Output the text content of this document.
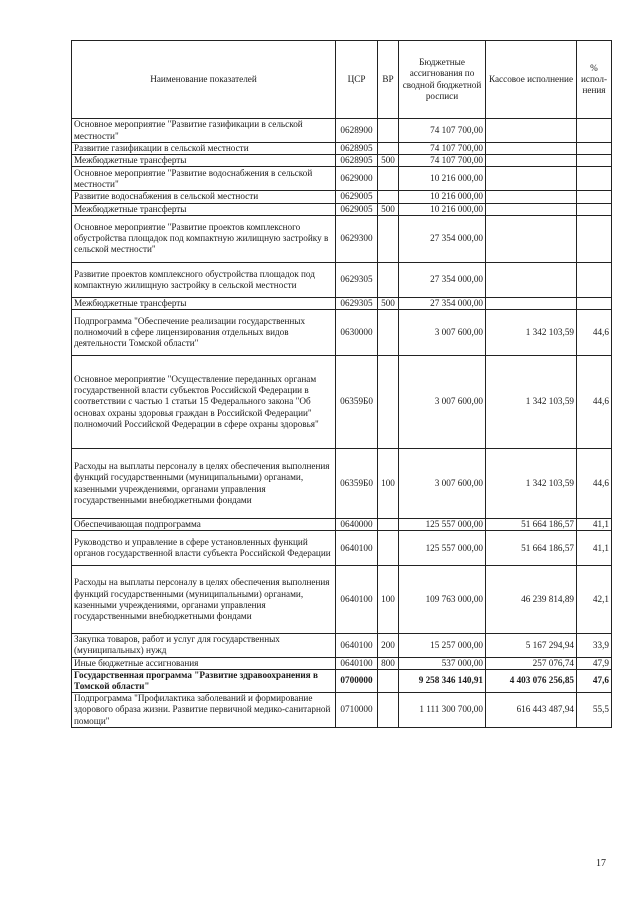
Наименование показателей	ЦСР	ВР	Бюджетные ассигнования по сводной бюджетной росписи	Кассовое исполнение	% испол-нения
Основное мероприятие "Развитие газификации в сельской местности"	0628900		74 107 700,00		
Развитие газификации в сельской местности	0628905		74 107 700,00		
Межбюджетные трансферты	0628905	500	74 107 700,00		
Основное мероприятие "Развитие водоснабжения в сельской местности"	0629000		10 216 000,00		
Развитие водоснабжения в сельской местности	0629005		10 216 000,00		
Межбюджетные трансферты	0629005	500	10 216 000,00		
Основное мероприятие "Развитие проектов комплексного обустройства площадок под компактную жилищную застройку в сельской местности"	0629300		27 354 000,00		
Развитие проектов комплексного обустройства площадок под компактную жилищную застройку в сельской местности	0629305		27 354 000,00		
Межбюджетные трансферты	0629305	500	27 354 000,00		
Подпрограмма "Обеспечение реализации государственных полномочий в сфере лицензирования отдельных видов деятельности Томской области"	0630000		3 007 600,00	1 342 103,59	44,6
Основное мероприятие "Осуществление переданных органам государственной власти субъектов Российской Федерации в соответствии с частью 1 статьи 15 Федерального закона "Об основах охраны здоровья граждан в Российской Федерации" полномочий Российской Федерации в сфере охраны здоровья"	06359Б0		3 007 600,00	1 342 103,59	44,6
Расходы на выплаты персоналу в целях обеспечения выполнения функций государственными (муниципальными) органами, казенными учреждениями, органами управления государственными внебюджетными фондами	06359Б0	100	3 007 600,00	1 342 103,59	44,6
Обеспечивающая подпрограмма	0640000		125 557 000,00	51 664 186,57	41,1
Руководство и управление в сфере установленных функций органов государственной власти субъекта Российской Федерации	0640100		125 557 000,00	51 664 186,57	41,1
Расходы на выплаты персоналу в целях обеспечения выполнения функций государственными (муниципальными) органами, казенными учреждениями, органами управления государственными внебюджетными фондами	0640100	100	109 763 000,00	46 239 814,89	42,1
Закупка товаров, работ и услуг для государственных (муниципальных) нужд	0640100	200	15 257 000,00	5 167 294,94	33,9
Иные бюджетные ассигнования	0640100	800	537 000,00	257 076,74	47,9
Государственная программа "Развитие здравоохранения в Томской области"	0700000		9 258 346 140,91	4 403 076 256,85	47,6
Подпрограмма "Профилактика заболеваний и формирование здорового образа жизни. Развитие первичной медико-санитарной помощи"	0710000		1 111 300 700,00	616 443 487,94	55,5
17
